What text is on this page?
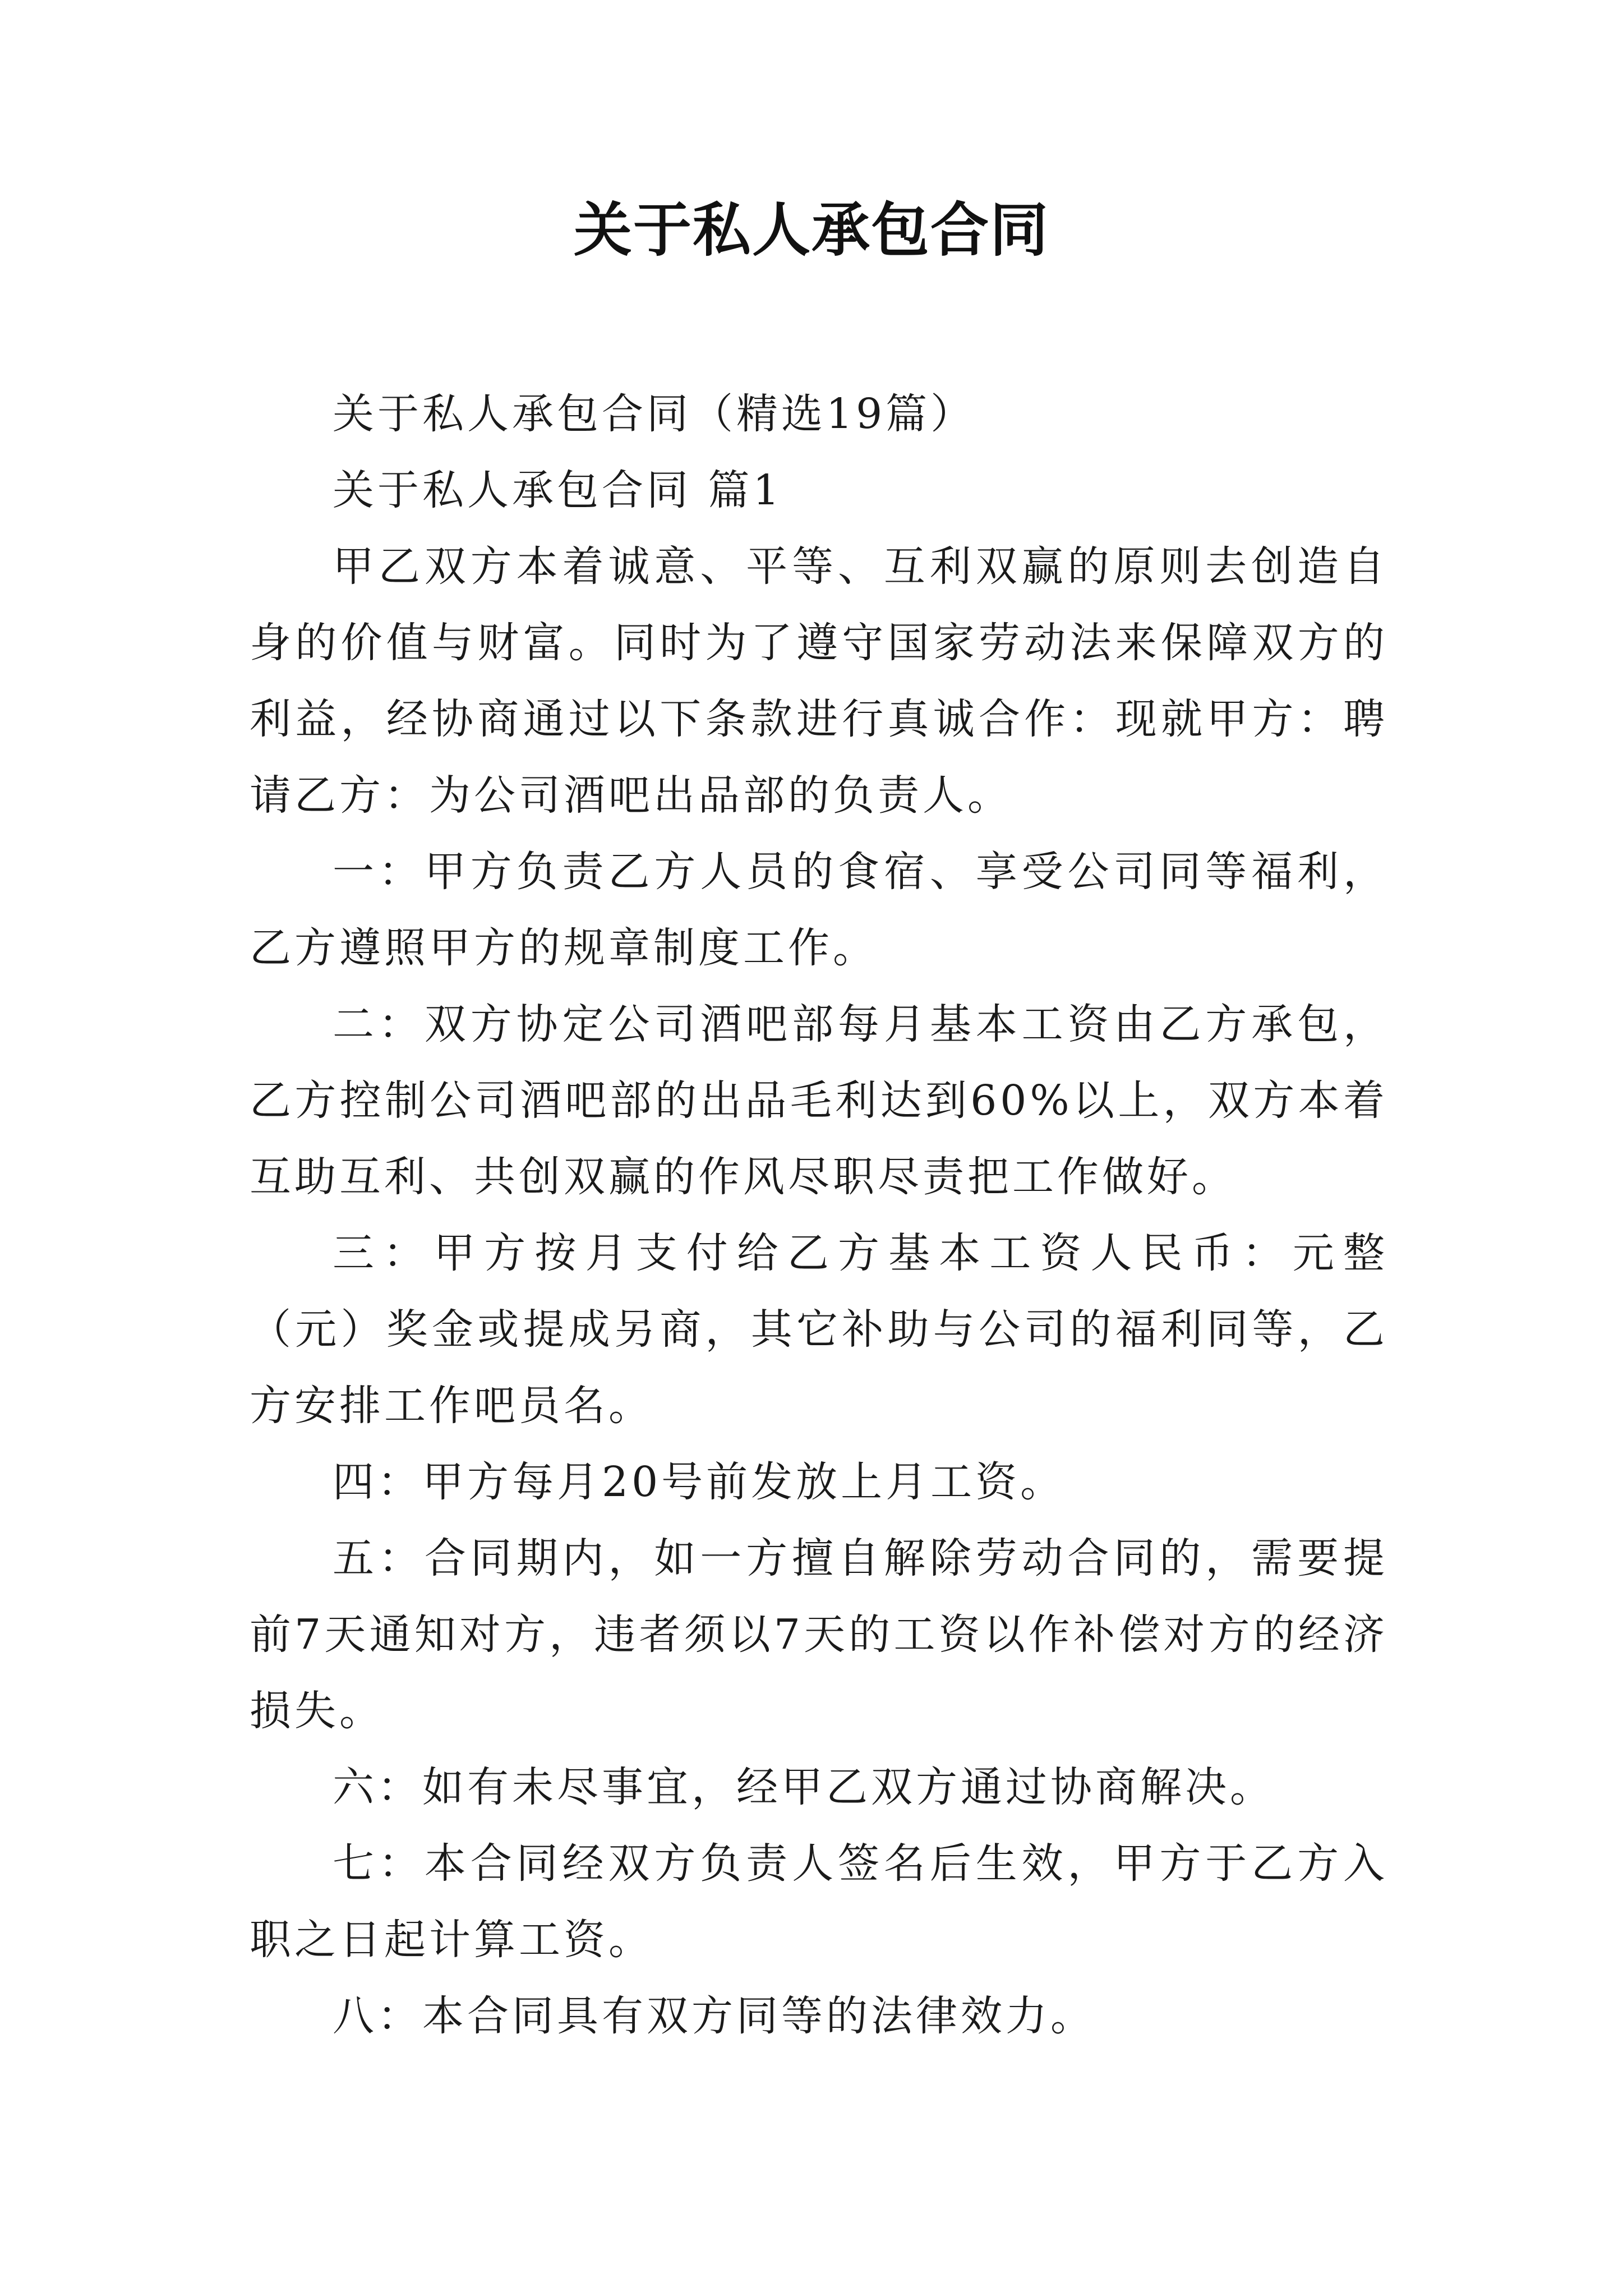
关于私人承包合同

关于私人承包合同（精选19篇）

关于私人承包合同 篇1

甲乙双方本着诚意、平等、互利双赢的原则去创造自身的价值与财富。同时为了遵守国家劳动法来保障双方的利益，经协商通过以下条款进行真诚合作：现就甲方：聘请乙方：为公司酒吧出品部的负责人。

一：甲方负责乙方人员的食宿、享受公司同等福利，乙方遵照甲方的规章制度工作。

二：双方协定公司酒吧部每月基本工资由乙方承包，乙方控制公司酒吧部的出品毛利达到60%以上，双方本着互助互利、共创双赢的作风尽职尽责把工作做好。

三：甲方按月支付给乙方基本工资人民币：元整（元）奖金或提成另商，其它补助与公司的福利同等，乙方安排工作吧员名。

四：甲方每月20号前发放上月工资。

五：合同期内，如一方擅自解除劳动合同的，需要提前7天通知对方，违者须以7天的工资以作补偿对方的经济损失。

六：如有未尽事宜，经甲乙双方通过协商解决。

七：本合同经双方负责人签名后生效，甲方于乙方入职之日起计算工资。

八：本合同具有双方同等的法律效力。
